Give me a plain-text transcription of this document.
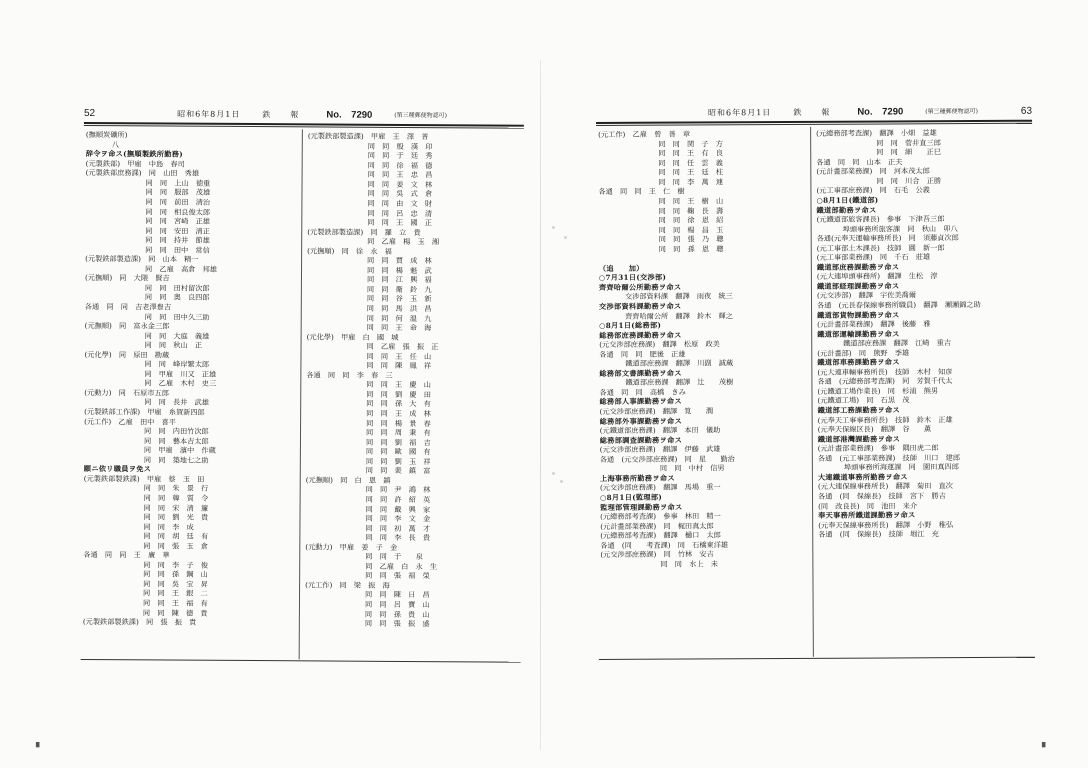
▖	▖
52	昭和6年8月1日	鉄　報 No.　7290	(第三種郵便物認可)
(撫順炭礦所)
八
辞令ヲ命ス(撫順製鉄所勤務)
(元製鉄部)　甲雇　中島　春司
(元製鉄部庶務課)　同　山田　秀雄
同　同　上山　徳重
同　同　服部　茂雄
同　同　前田　清治
同　同　相良俊太郎
同　同　宮崎　正雄
同　同　安田　清正
同　同　持井　節雄
同　同　田中　常信
(元製鉄部製造課)　同　山本　精一
同　乙雇　高倉　邦雄
(元撫順)　同　大隈　賢吉
同　同　田村留次郎
同　同　奥　良四郎
各通　同　同　吉老澤豊吉
同　同　田中久三助
(元撫順)　同　富永金三郎
同　同　大庭　義雄
同　同　秋山　正
(元化學)　同　原田　勘蔵
同　同　峰岸繁太郎
同　甲雇　川又　正雄
同　乙雇　木村　史三
(元動力)　同　石原市五郎
同　同　長井　武雄
(元製鉄部工作課)　甲雇　糸賀新四郎
(元工作)　乙雇　田中　喜平
同　同　内田竹次郎
同　同　藝本吉太郎
同　甲雇　濱中　作蔵
同　同　築地七之助
願ニ依リ職員ヲ免ス
(元製鉄部製鉄課)　甲雇　蔡　玉　田
同　同　朱　景　行
同　同　韓　質　令
同　同　宋　清　簾
同　同　劉　光　貴
同　同　李　成
同　同　胡　廷　有
同　同　張　玉　倉
各通　同　同　王　廣　華
同　同　李　子　俊
同　同　孫　鋼　山
同　同　吳　宝　昇
同　同　王　銀　二
同　同　王　福　有
同　同　陳　德　貴
(元製鉄部製鉄課)　同　張　振　貴
(元製鉄部製造課)　甲雇　王　澤　普
同　同　殷　漢　印
同　同　于　廷　秀
同　同　徐　福　德
同　同　王　忠　昌
同　同　姜　文　林
同　同　吳　式　倉
同　同　由　文　財
同　同　呂　忠　清
同　同　王　國　正
(元製鉄部製造課)　同　羅　立　貴
同　乙雇　楊　玉　湘
(元撫順)　同　徐　永　福
同　同　賈　成　林
同　同　楊　魁　武
同　同　江　興　福
同　同　衛　鈴　九
同　同　谷　玉　新
同　同　馬　洪　昌
同　同　何　温　九
同　同　王　命　海
(元化學)　甲雇　白　國　城
同　乙雇　張　振　正
同　同　王　任　山
同　同　陳　鳳　祥
各通　同　同　李　春　三
同　同　王　慶　山
同　同　劉　慶　田
同　同　孫　大　有
同　同　王　成　林
同　同　楊　景　春
同　同　周　秉　有
同　同　劉　福　吉
同　同　歐　國　有
同　同　劉　玉　祥
同　同　裴　鎮　富
(元撫順)　同　白　恩　鎮
同　同　尹　鴻　林
同　同　許　紹　英
同　同　戴　興　家
同　同　李　文　金
同　同　初　萬　才
同　同　李　長　貴
(元動力)　甲雇　姜　子　金
同　同　于　　泉
同　乙雇　白　永　生
同　同　張　福　榮
(元工作)　同　梁　振　海
同　同　陳　日　昌
同　同　呂　寶　山
同　同　孫　貴　山
同　同　張　振　盛
昭和6年8月1日	鉄　報 No.　7290	(第三種郵便物認可)	63
(元工作)　乙雇　曾　善　章
同　同　関　子　方
同　同　王　有　良
同　同　任　雲　義
同　同　王　廷　柱
同　同　李　萬　連
各通　同　同　王　仁　樹
同　同　王　樹　山
同　同　鞠　長　壽
同　同　徐　恩　紹
同　同　楊　昌　玉
同　同　張　乃　聰
同　同　孫　恩　聰
（追　　加）
○7月31日(交渉部)
齊齊哈爾公所勤務ヲ命ス
交渉部資料課　翻譯　雨夜　統三
交渉部資料課勤務ヲ命ス
齊齊哈爾公所　翻譯　鈴木　輝之
○8月1日(総務部)
総務部庶務課勤務ヲ命ス
(元交渉部庶務課)　翻譯　松原　政美
各通　同　同　肥後　正雄
鐵道部庶務課　翻譯　川副　誠蔵
総務部文書課勤務ヲ命ス
鐵道部庶務課　翻譯　辻　　茂樹
各通　同　同　高橋　きみ
総務部人事課勤務ヲ命ス
(元交渉部庶務課)　翻譯　筧　　潤
総務部外事課勤務ヲ命ス
(元鐵道部庶務課)　翻譯　本田　儀助
総務部調査課勤務ヲ命ス
(元交渉部庶務課)　翻譯　伊藤　武雄
各通　(元交渉部庶務課)　同　星　　勤治
同　同　中村　信男
上海事務所勤務ヲ命ス
(元交渉部庶務課)　翻譯　馬場　重一
○8月1日(監理部)
監理部管理課勤務ヲ命ス
(元總務部考査課)　參事　林田　精一
(元計畫部業務課)　同　梶田真太郎
(元總務部考査課)　翻譯　樋口　太郎
各通　(同　　考査課)　同　石橋東洋雄
(元交渉部庶務課)　同　竹林　安吉
同　同　水上　未
(元總務部考査課)　翻譯　小畑　益雄
同　同　菅井直三郎
同　同　細　　正巳
各通　同　同　山本　正夫
(元計畫部業務課)　同　河本茂太郎
同　同　川合　正勝
(元工事部庶務課)　同　石毛　公義
○8月1日(鐵道部)
鐵道部勤務ヲ命ス
(元鐵道部旅客課長)　參事　下津吾三郎
埠頭事務所旅客課　同　秋山　卯八
各通(元奉天運輸事務所長)　同　須藤貞次郎
(元工事部土木課長)　技師　圓　新一郎
(元工事部業務課)　同　千石　莊雄
鐵道部庶務課勤務ヲ命ス
(元大連埠頭事務所)　翻譯　生松　淳
鐵道部経理課勤務ヲ命ス
(元交渉部)　翻譯　宇佐美喬爾
各通　(元長春保線事務所職員)　翻譯　瀬瀬錦之助
鐵道部貨物課勤務ヲ命ス
(元計畫部業務課)　翻譯　後藤　雅
鐵道部運輸課勤務ヲ命ス
鐵道部庶務課　翻譯　江崎　重吉
(元計畫部)　同　熊野　季雄
鐵道部車務課勤務ヲ命ス
(元大連車輛事務所長)　技師　木村　知彦
各通　(元總務部考査課)　同　芳賀千代太
(元鐵道工場作業長)　同　杉浦　熊男
(元鐵道工場)　同　石黒　茂
鐵道部工務課勤務ヲ命ス
(元奉天工事事務所長)　技師　鈴木　正雄
(元奉天保線区長)　翻譯　谷　　薫
鐵道部港灣課勤務ヲ命ス
(元計畫部業務課)　參事　隅田虎二郎
各通　(元工事部業務課)　技師　川口　建郎
埠頭事務所海運課　同　園田真四郎
大連鐵道事務所勤務ヲ命ス
(元大連保線事務所長)　翻譯　菊田　直次
各通　(同　保線長)　技師　宮下　勝吉
(同　改良長)　同　池田　来介
奉天事務所鐵道課勤務ヲ命ス
(元奉天保線事務所長)　翻譯　小野　稚弘
各通　(同　保線長)　技師　堀江　充
